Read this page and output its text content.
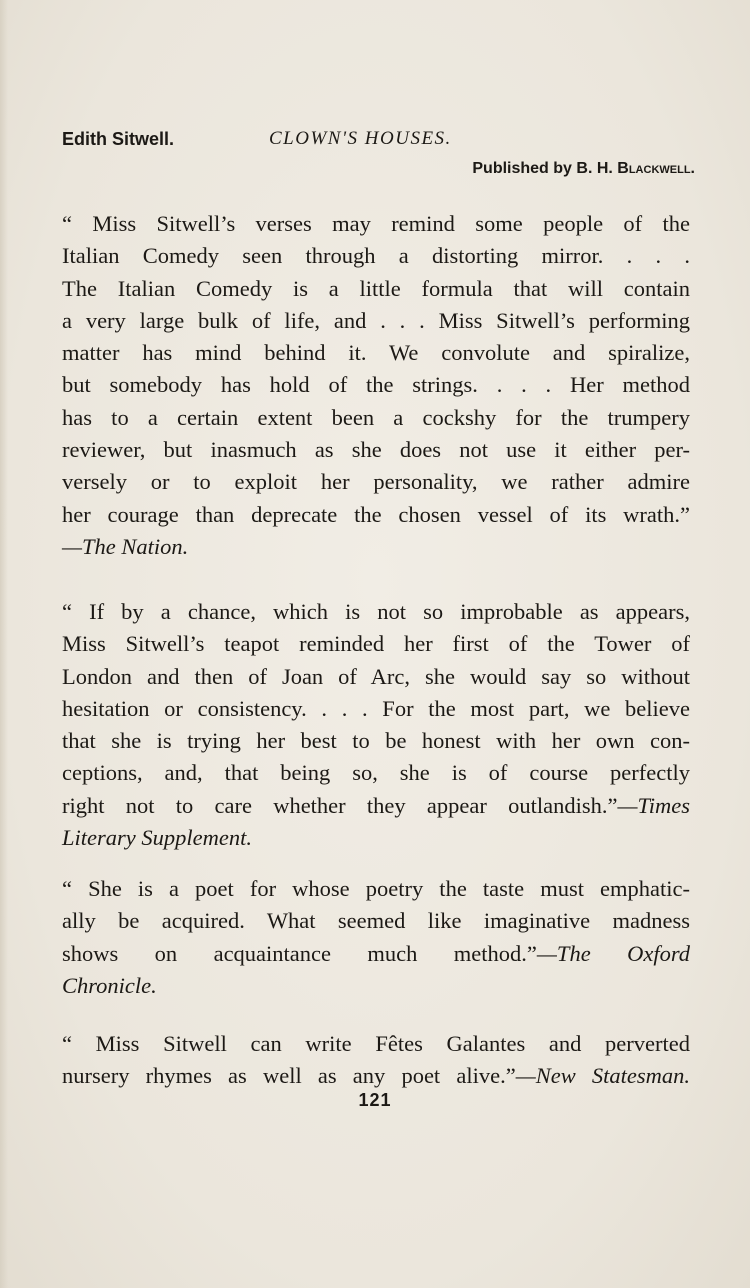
Edith Sitwell.	CLOWN'S HOUSES.
Published by B. H. Blackwell.
“ Miss Sitwell’s verses may remind some people of the
Italian Comedy seen through a distorting mirror. . . .
The Italian Comedy is a little formula that will contain
a very large bulk of life, and . . . Miss Sitwell’s performing
matter has mind behind it. We convolute and spiralize,
but somebody has hold of the strings. . . . Her method
has to a certain extent been a cockshy for the trumpery
reviewer, but inasmuch as she does not use it either per-
versely or to exploit her personality, we rather admire
her courage than deprecate the chosen vessel of its wrath.”
—The Nation.
“ If by a chance, which is not so improbable as appears,
Miss Sitwell’s teapot reminded her first of the Tower of
London and then of Joan of Arc, she would say so without
hesitation or consistency. . . . For the most part, we believe
that she is trying her best to be honest with her own con-
ceptions, and, that being so, she is of course perfectly
right not to care whether they appear outlandish.”—Times
Literary Supplement.
“ She is a poet for whose poetry the taste must emphatic-
ally be acquired. What seemed like imaginative madness
shows on acquaintance much method.”—The Oxford
Chronicle.
“ Miss Sitwell can write Fêtes Galantes and perverted
nursery rhymes as well as any poet alive.”—New Statesman.
121
